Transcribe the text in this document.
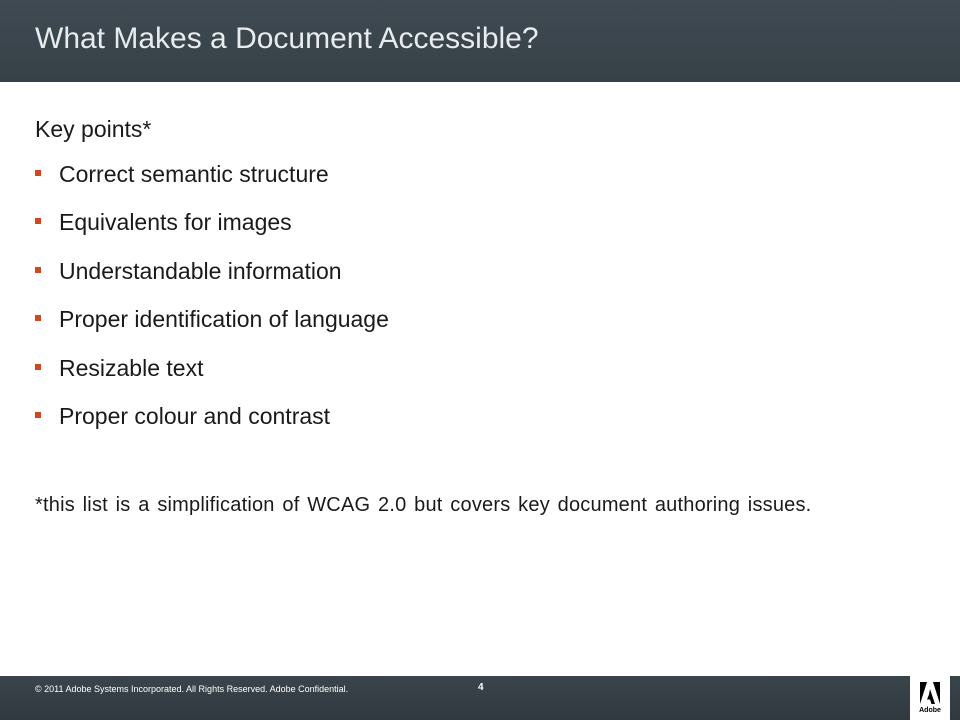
What Makes a Document Accessible?
Key points*
Correct semantic structure
Equivalents for images
Understandable information
Proper identification of language
Resizable text
Proper colour and contrast
*this list is a simplification of WCAG 2.0 but covers key document authoring issues.
© 2011 Adobe Systems Incorporated. All Rights Reserved. Adobe Confidential.	4
Adobe
